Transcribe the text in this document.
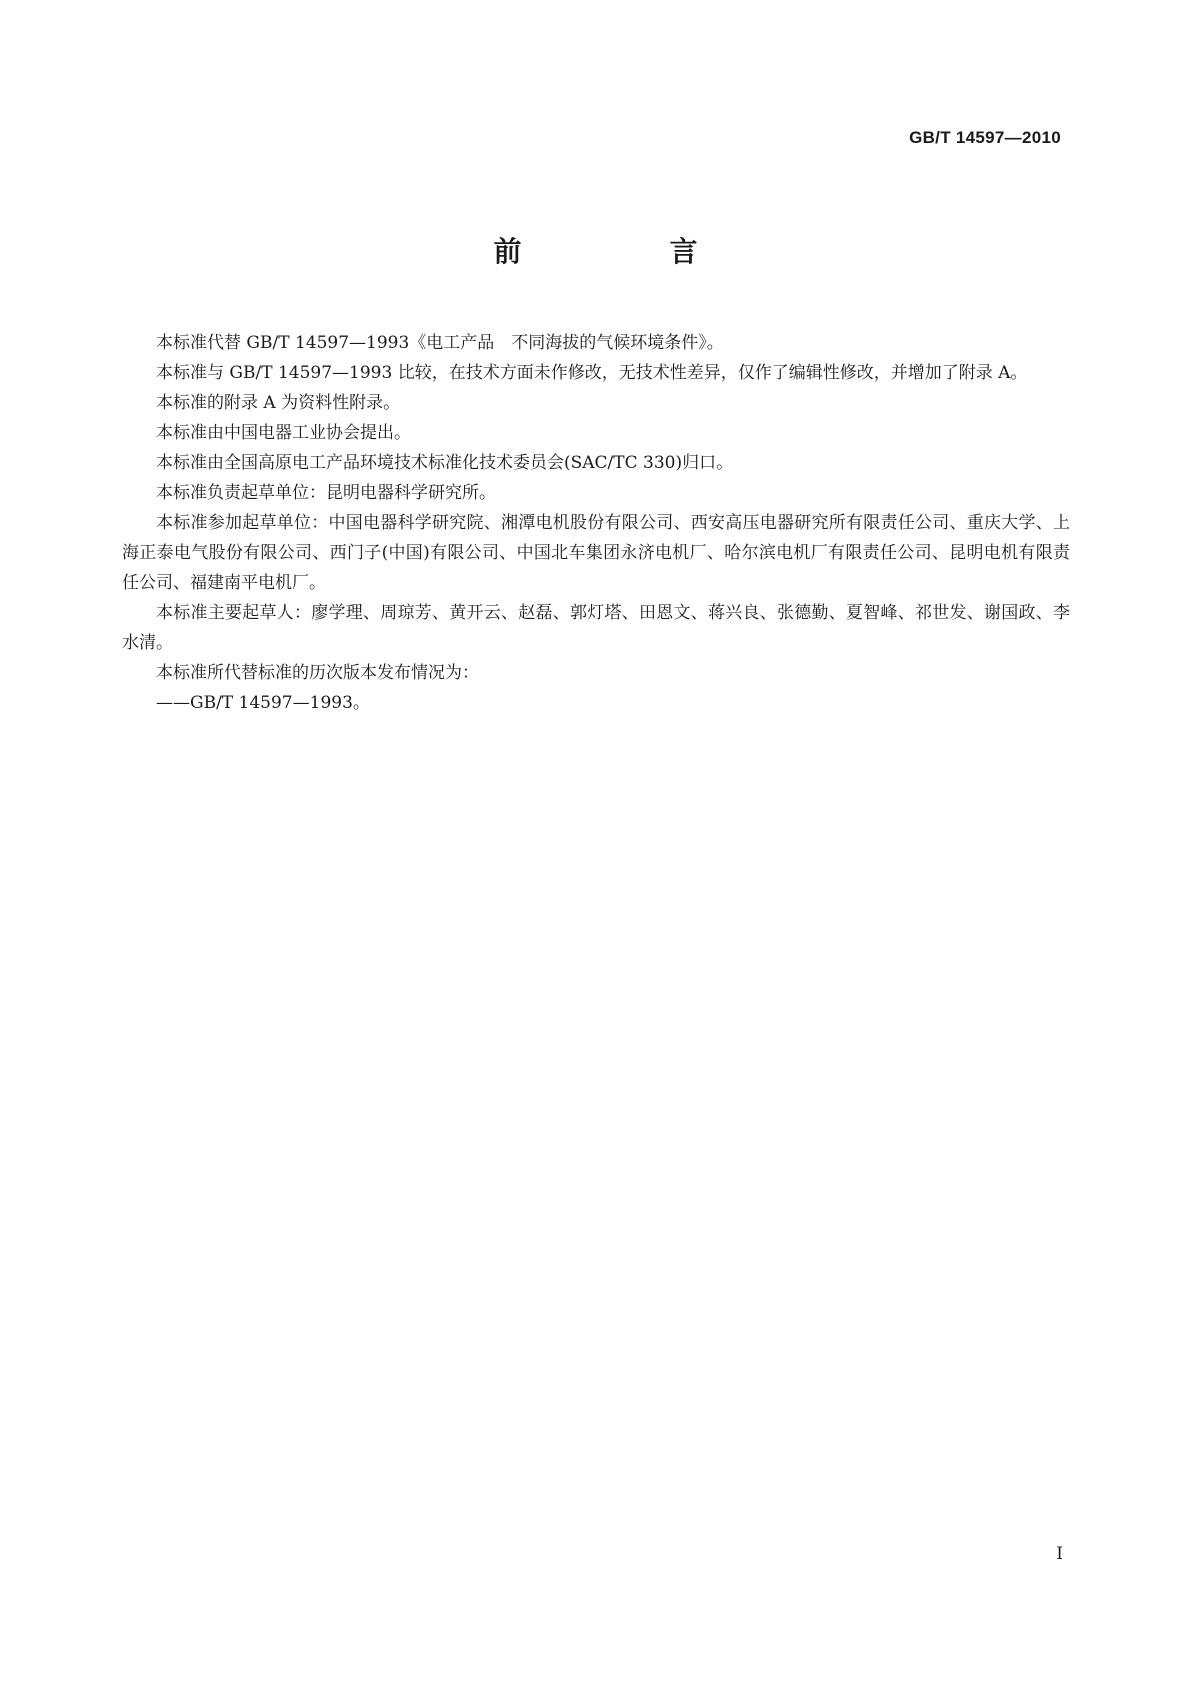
GB/T 14597—2010
前　言

本标准代替 GB/T 14597—1993《电工产品　不同海拔的气候环境条件》。

本标准与 GB/T 14597—1993 比较，在技术方面未作修改，无技术性差异，仅作了编辑性修改，并增加了附录 A。

本标准的附录 A 为资料性附录。

本标准由中国电器工业协会提出。

本标准由全国高原电工产品环境技术标准化技术委员会(SAC/TC 330)归口。

本标准负责起草单位：昆明电器科学研究所。

本标准参加起草单位：中国电器科学研究院、湘潭电机股份有限公司、西安高压电器研究所有限责任公司、重庆大学、上海正泰电气股份有限公司、西门子(中国)有限公司、中国北车集团永济电机厂、哈尔滨电机厂有限责任公司、昆明电机有限责任公司、福建南平电机厂。

本标准主要起草人：廖学理、周琼芳、黄开云、赵磊、郭灯塔、田恩文、蒋兴良、张德勤、夏智峰、祁世发、谢国政、李水清。

本标准所代替标准的历次版本发布情况为：

——GB/T 14597—1993。

I
